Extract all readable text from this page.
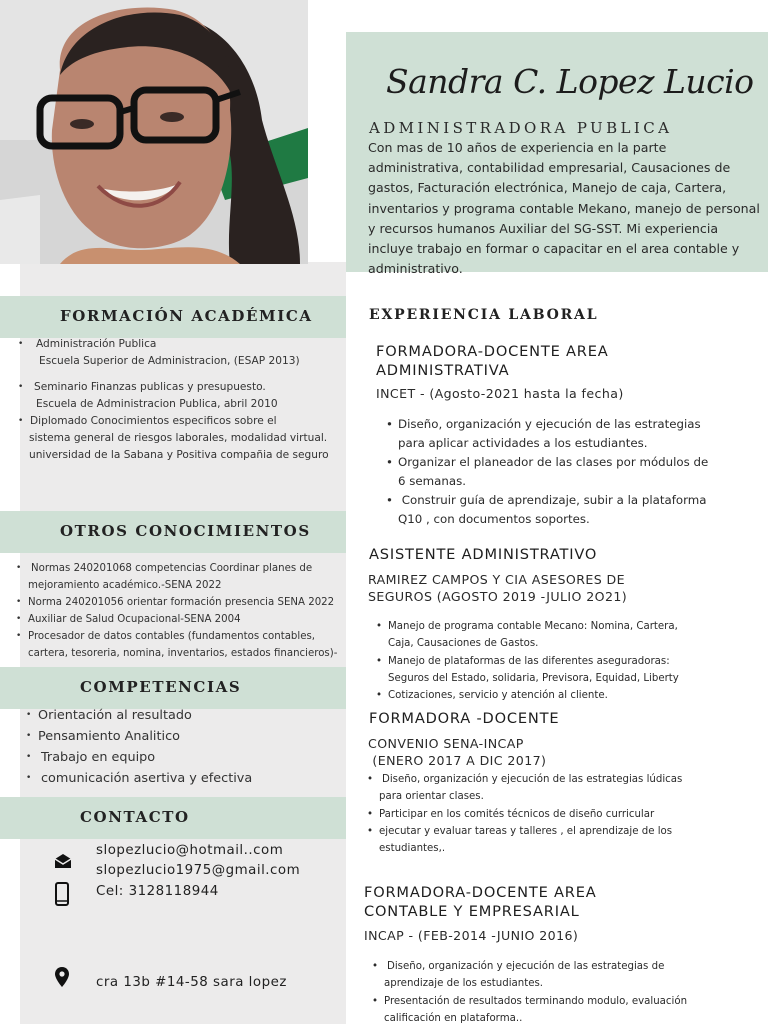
Sandra C. Lopez Lucio
ADMINISTRADORA PUBLICA
Con mas de 10 años de experiencia en la parte administrativa, contabilidad empresarial, Causaciones de gastos, Facturación electrónica, Manejo de caja, Cartera, inventarios y programa contable Mekano, manejo de personal y recursos humanos Auxiliar del SG-SST. Mi experiencia incluye trabajo en formar o capacitar en el area contable y administrativo.
FORMACIÓN ACADÉMICA
• Administración Publica
Escuela Superior de Administracion, (ESAP 2013)
• Seminario Finanzas publicas y presupuesto.
Escuela de Administracion Publica, abril 2010
• Diplomado Conocimientos especificos sobre el
sistema general de riesgos laborales, modalidad virtual.
universidad de la Sabana y Positiva compañia de seguro
OTROS CONOCIMIENTOS
• Normas 240201068 competencias Coordinar planes de
mejoramiento académico.-SENA 2022
• Norma 240201056 orientar formación presencia SENA 2022
• Auxiliar de Salud Ocupacional-SENA 2004
• Procesador de datos contables (fundamentos contables,
cartera, tesoreria, nomina, inventarios, estados financieros)-
COMPETENCIAS
• Orientación al resultado
• Pensamiento Analitico
• Trabajo en equipo
• comunicación asertiva y efectiva
CONTACTO
slopezlucio@hotmail..com
slopezlucio1975@gmail.com
Cel: 3128118944
cra 13b #14-58 sara lopez
EXPERIENCIA LABORAL
FORMADORA-DOCENTE AREA
ADMINISTRATIVA
INCET - (Agosto-2021 hasta la fecha)
• Diseño, organización y ejecución de las estrategias
para aplicar actividades a los estudiantes.
• Organizar el planeador de las clases por módulos de
6 semanas.
•  Construir guía de aprendizaje, subir a la plataforma
Q10 , con documentos soportes.
ASISTENTE ADMINISTRATIVO
RAMIREZ CAMPOS Y CIA ASESORES DE
SEGUROS (AGOSTO 2019 -JULIO 2O21)
• Manejo de programa contable Mecano: Nomina, Cartera,
Caja, Causaciones de Gastos.
• Manejo de plataformas de las diferentes aseguradoras:
Seguros del Estado, solidaria, Previsora, Equidad, Liberty
• Cotizaciones, servicio y atención al cliente.
FORMADORA -DOCENTE
CONVENIO SENA-INCAP
(ENERO 2017 A DIC 2017)
• Diseño, organización y ejecución de las estrategias lúdicas
para orientar clases.
• Participar en los comités técnicos de diseño curricular
• ejecutar y evaluar tareas y talleres , el aprendizaje de los
estudiantes,.
FORMADORA-DOCENTE AREA
CONTABLE Y EMPRESARIAL
INCAP - (FEB-2014 -JUNIO 2016)
• Diseño, organización y ejecución de las estrategias de
aprendizaje de los estudiantes.
• Presentación de resultados terminando modulo, evaluación
calificación en plataforma..
